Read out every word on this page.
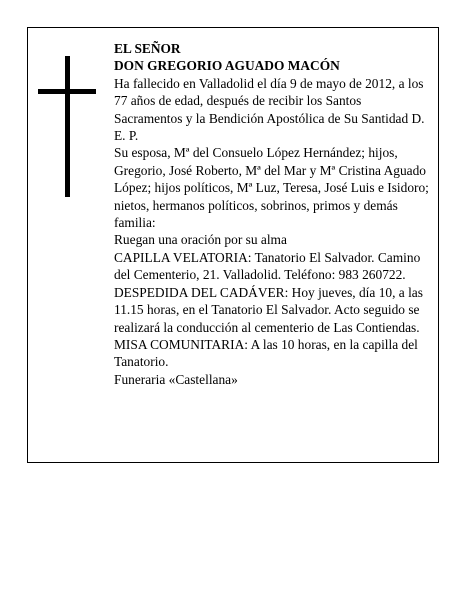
EL SEÑOR

DON GREGORIO AGUADO MACÓN

Ha fallecido en Valladolid el día 9 de mayo de 2012, a los 77 años de edad, después de recibir los Santos Sacramentos y la Bendición Apostólica de Su Santidad D. E. P.

Su esposa, Mª del Consuelo López Hernández; hijos, Gregorio, José Roberto, Mª del Mar y Mª Cristina Aguado López; hijos políticos, Mª Luz, Teresa, José Luis e Isidoro; nietos, hermanos políticos, sobrinos, primos y demás familia:

Ruegan una oración por su alma

CAPILLA VELATORIA: Tanatorio El Salvador. Camino del Cementerio, 21. Valladolid. Teléfono: 983 260722.

DESPEDIDA DEL CADÁVER: Hoy jueves, día 10, a las 11.15 horas, en el Tanatorio El Salvador. Acto seguido se realizará la conducción al cementerio de Las Contiendas.

MISA COMUNITARIA: A las 10 horas, en la capilla del Tanatorio.

Funeraria «Castellana»
